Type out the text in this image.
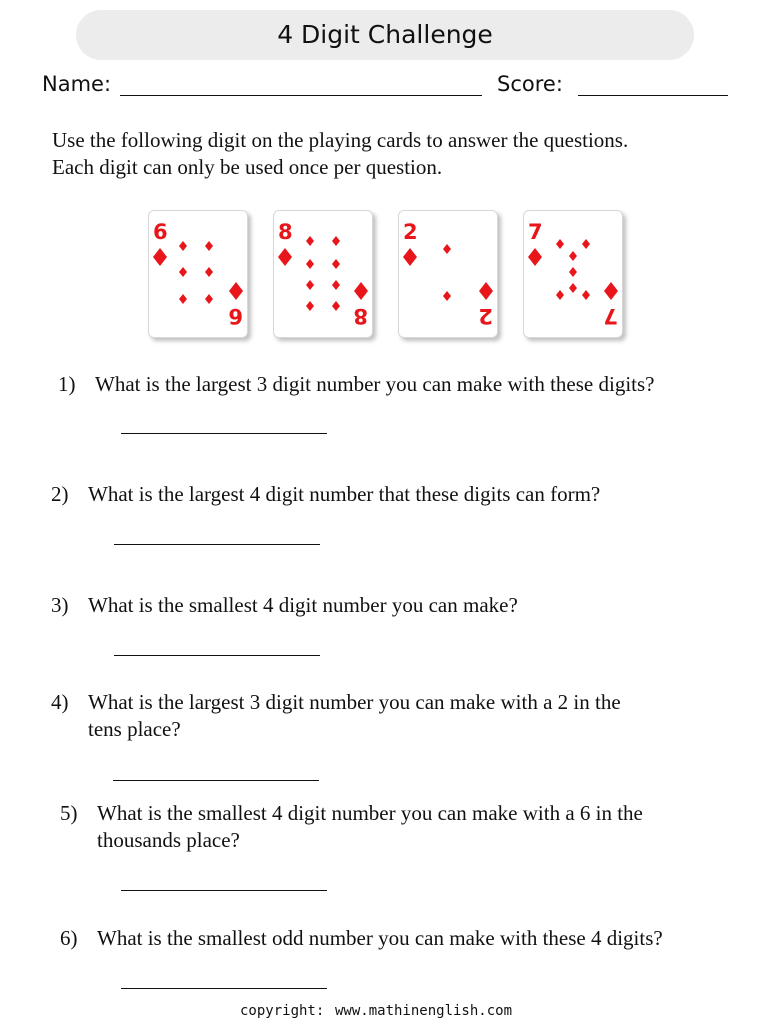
4 Digit Challenge
Name:	Score:
Use the following digit on the playing cards to answer the questions.
Each digit can only be used once per question.
6
6
8
8
2
2
7
7
1) What is the largest 3 digit number you can make with these digits?
2) What is the largest 4 digit number that these digits can form?
3) What is the smallest 4 digit number you can make?
4) What is the largest 3 digit number you can make with a 2 in the
tens place?
5) What is the smallest 4 digit number you can make with a 6 in the
thousands place?
6) What is the smallest odd number you can make with these 4 digits?
copyright: www.mathinenglish.com
